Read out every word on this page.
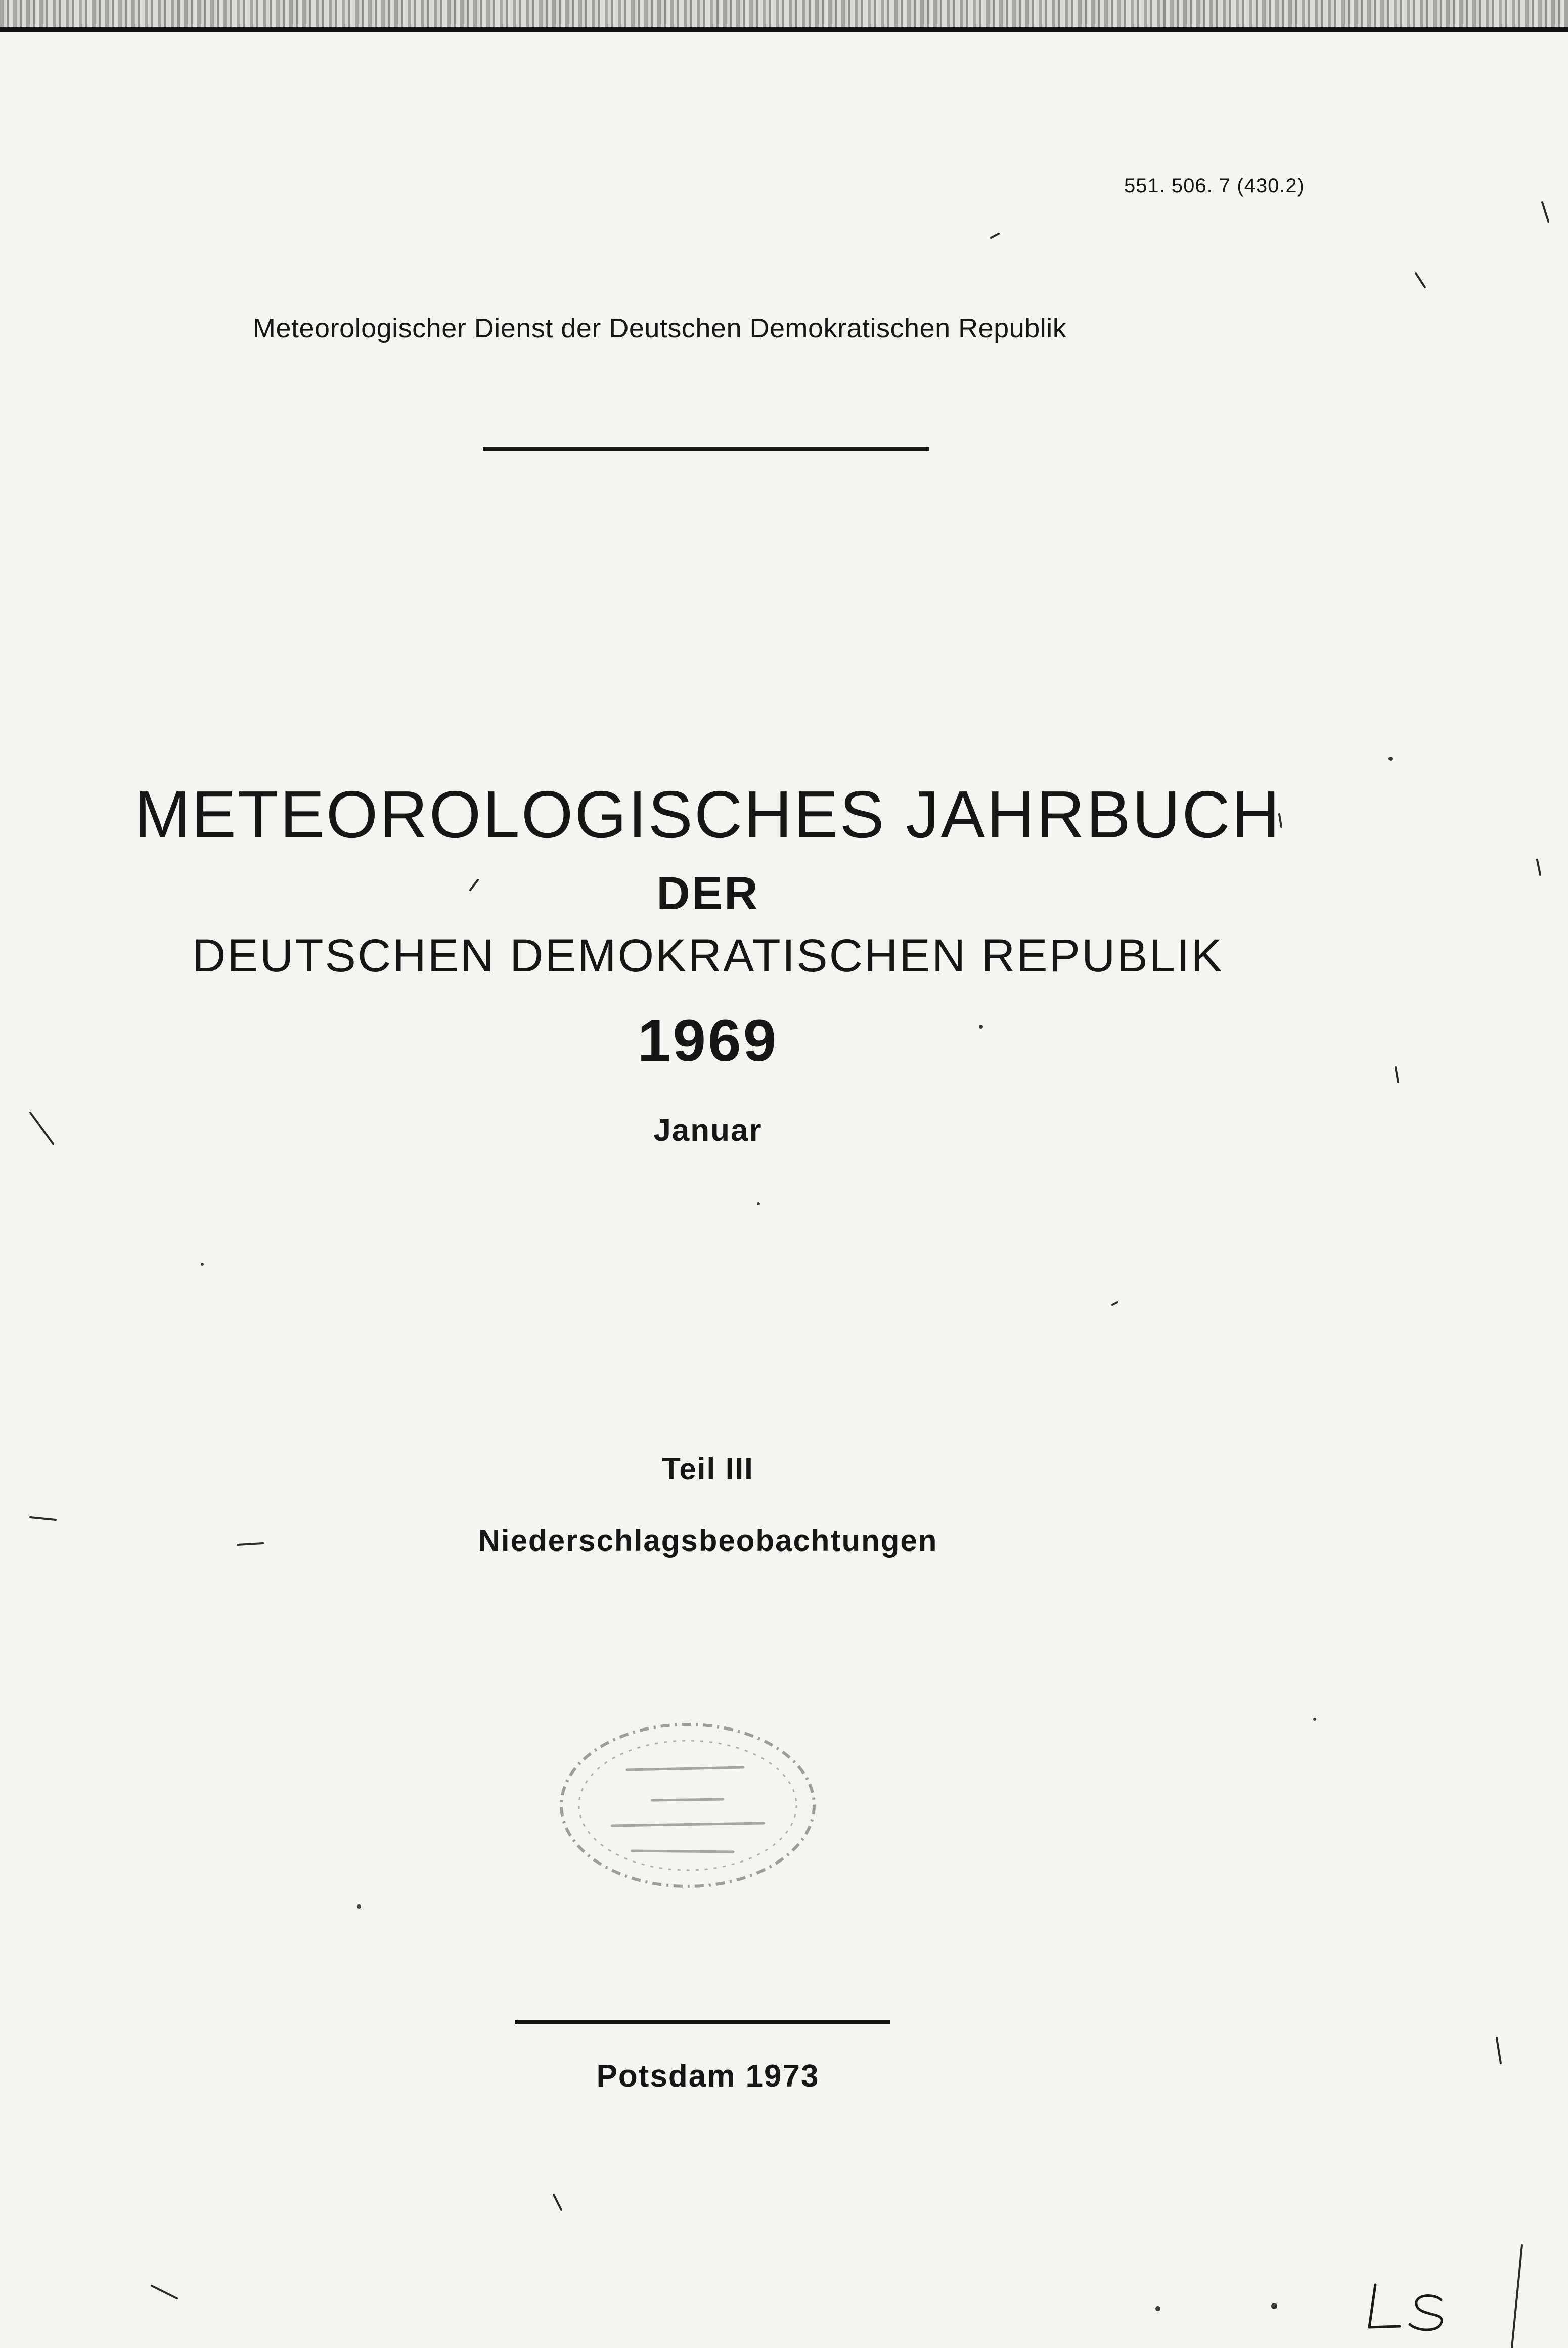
551. 506. 7 (430.2)

Meteorologischer Dienst der Deutschen Demokratischen Republik

METEOROLOGISCHES JAHRBUCH

DER

DEUTSCHEN DEMOKRATISCHEN REPUBLIK

1969

Januar

Teil III

Niederschlagsbeobachtungen

Potsdam 1973
